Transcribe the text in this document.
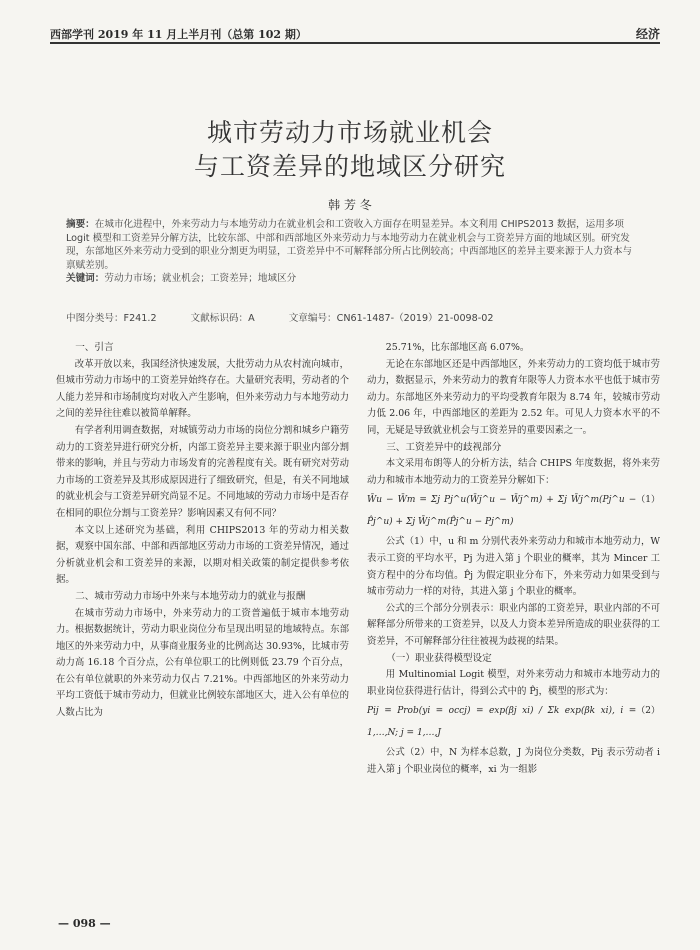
西部学刊 2019 年 11 月上半月刊（总第 102 期）	经济
城市劳动力市场就业机会
与工资差异的地域区分研究
韩 芳 冬
摘要：在城市化进程中，外来劳动力与本地劳动力在就业机会和工资收入方面存在明显差异。本文利用 CHIPS2013 数据，运用多项 Logit 模型和工资差异分解方法，比较东部、中部和西部地区外来劳动力与本地劳动力在就业机会与工资差异方面的地域区别。研究发现，东部地区外来劳动力受到的职业分割更为明显，工资差异中不可解释部分所占比例较高；中西部地区的差异主要来源于人力资本与禀赋差别。
关键词：劳动力市场；就业机会；工资差异；地域区分
中图分类号：F241.2	文献标识码：A	文章编号：CN61-1487-（2019）21-0098-02
一、引言

改革开放以来，我国经济快速发展，大批劳动力从农村流向城市，但城市劳动力市场中的工资差异始终存在。大量研究表明，劳动者的个人能力差异和市场制度均对收入产生影响，但外来劳动力与本地劳动力之间的差异往往难以被简单解释。

有学者利用调查数据，对城镇劳动力市场的岗位分割和城乡户籍劳动力的工资差异进行研究分析，内部工资差异主要来源于职业内部分割带来的影响，并且与劳动力市场发育的完善程度有关。既有研究对劳动力市场的工资差异及其形成原因进行了细致研究，但是，有关不同地域的就业机会与工资差异研究尚显不足。不同地域的劳动力市场中是否存在相同的职位分割与工资差异？影响因素又有何不同？

本文以上述研究为基础，利用 CHIPS2013 年的劳动力相关数据，观察中国东部、中部和西部地区劳动力市场的工资差异情况，通过分析就业机会和工资差异的来源，以期对相关政策的制定提供参考依据。

二、城市劳动力市场中外来与本地劳动力的就业与报酬

在城市劳动力市场中，外来劳动力的工资普遍低于城市本地劳动力。根据数据统计，劳动力职业岗位分布呈现出明显的地域特点。东部地区的外来劳动力中，从事商业服务业的比例高达 30.93%，比城市劳动力高 16.18 个百分点，公有单位职工的比例则低 23.79 个百分点，在公有单位就职的外来劳动力仅占 7.21%。中西部地区的外来劳动力平均工资低于城市劳动力，但就业比例较东部地区大，进入公有单位的人数占比为

25.71%，比东部地区高 6.07%。

无论在东部地区还是中西部地区，外来劳动力的工资均低于城市劳动力，数据显示，外来劳动力的教育年限等人力资本水平也低于城市劳动力。东部地区外来劳动力的平均受教育年限为 8.74 年，较城市劳动力低 2.06 年，中西部地区的差距为 2.52 年。可见人力资本水平的不同，无疑是导致就业机会与工资差异的重要因素之一。

三、工资差异中的歧视部分

本文采用布朗等人的分析方法，结合 CHIPS 年度数据，将外来劳动力和城市本地劳动力的工资差异分解如下：

W̄u − W̄m = Σj Pj^u(W̄j^u − W̄j^m) + Σj W̄j^m(Pj^u − P̂j^u) + Σj W̄j^m(P̂j^u − Pj^m)
（1）

公式（1）中，u 和 m 分别代表外来劳动力和城市本地劳动力，W 表示工资的平均水平，Pj 为进入第 j 个职业的概率，其为 Mincer 工资方程中的分布均值。P̂j 为假定职业分布下，外来劳动力如果受到与城市劳动力一样的对待，其进入第 j 个职业的概率。

公式的三个部分分别表示：职业内部的工资差异，职业内部的不可解释部分所带来的工资差异，以及人力资本差异所造成的职业获得的工资差异，不可解释部分往往被视为歧视的结果。

（一）职业获得模型设定

用 Multinomial Logit 模型，对外来劳动力和城市本地劳动力的职业岗位获得进行估计，得到公式中的 P̂j，模型的形式为：

Pij = Prob(yi = occj) = exp(βj xi) / Σk exp(βk xi), i = 1,…,N; j = 1,…,J
（2）

公式（2）中，N 为样本总数，J 为岗位分类数，Pij 表示劳动者 i 进入第 j 个职业岗位的概率，xi 为一组影

— 098 —
